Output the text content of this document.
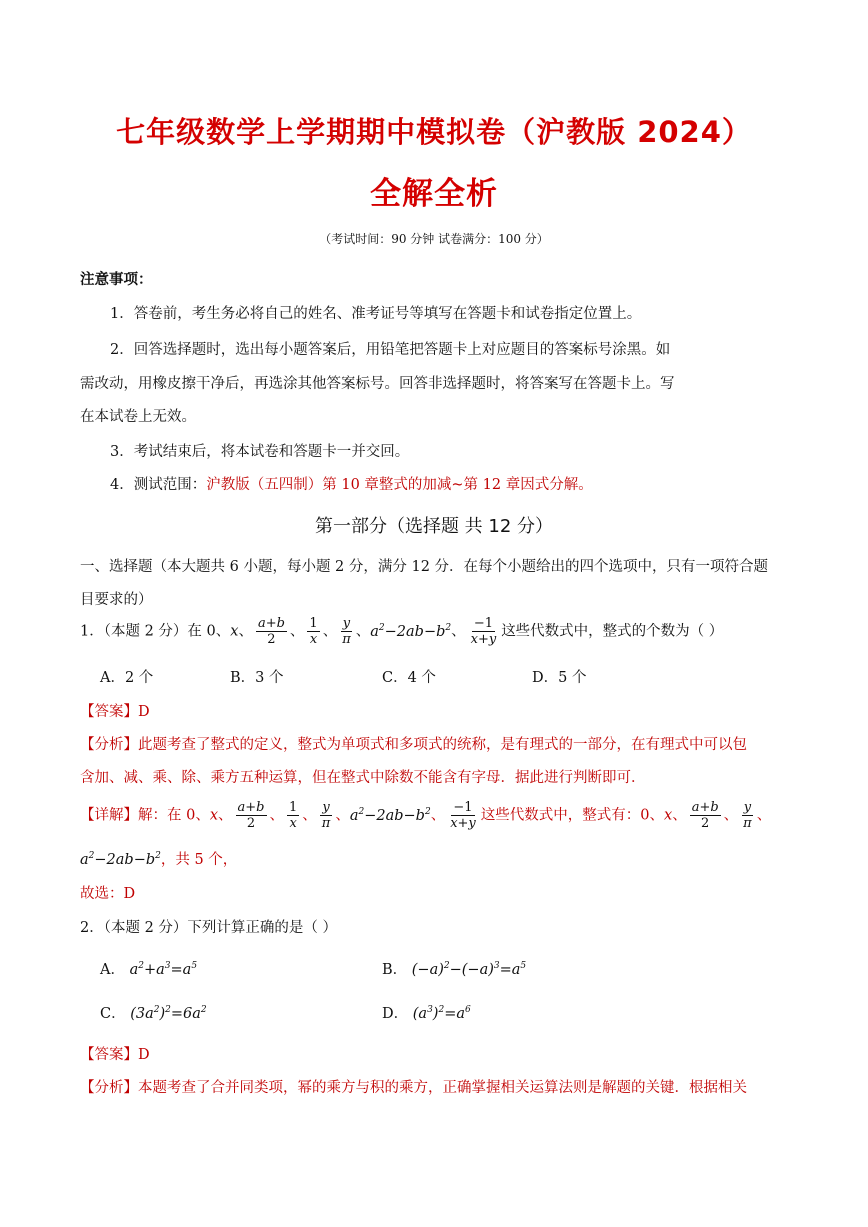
七年级数学上学期期中模拟卷（沪教版 2024）
全解全析
（考试时间：90 分钟 试卷满分：100 分）
注意事项：
1．答卷前，考生务必将自己的姓名、准考证号等填写在答题卡和试卷指定位置上。
2．回答选择题时，选出每小题答案后，用铅笔把答题卡上对应题目的答案标号涂黑。如
需改动，用橡皮擦干净后，再选涂其他答案标号。回答非选择题时，将答案写在答题卡上。写
在本试卷上无效。
3．考试结束后，将本试卷和答题卡一并交回。
4．测试范围：沪教版（五四制）第 10 章整式的加减~第 12 章因式分解。
第一部分（选择题 共 12 分）
一、选择题（本大题共 6 小题，每小题 2 分，满分 12 分．在每个小题给出的四个选项中，只有一项符合题
目要求的）
1．（本题 2 分）在 0、x、 $\frac{a+b}{2}$ 、 $\frac{1}{x}$ 、 $\frac{y}{\pi}$ 、$a^2-2ab-b^2$、 $\frac{-1}{x+y}$ 这些代数式中，整式的个数为（ ）
A．2 个	B．3 个	C．4 个	D．5 个
【答案】D
【分析】此题考查了整式的定义，整式为单项式和多项式的统称，是有理式的一部分，在有理式中可以包
含加、减、乘、除、乘方五种运算，但在整式中除数不能含有字母．据此进行判断即可．
【详解】解：在 0、x、 $\frac{a+b}{2}$ 、 $\frac{1}{x}$ 、 $\frac{y}{\pi}$ 、$a^2-2ab-b^2$、 $\frac{-1}{x+y}$ 这些代数式中，整式有：0、x、 $\frac{a+b}{2}$ 、 $\frac{y}{\pi}$ 、
$a^2-2ab-b^2$，共 5 个，
故选：D
2．（本题 2 分）下列计算正确的是（ ）
A． $a^2+a^3=a^5$	B． $(-a)^2-(-a)^3=a^5$
C． $(3a^2)^2=6a^2$	D． $(a^3)^2=a^6$
【答案】D
【分析】本题考查了合并同类项，幂的乘方与积的乘方，正确掌握相关运算法则是解题的关键．根据相关
